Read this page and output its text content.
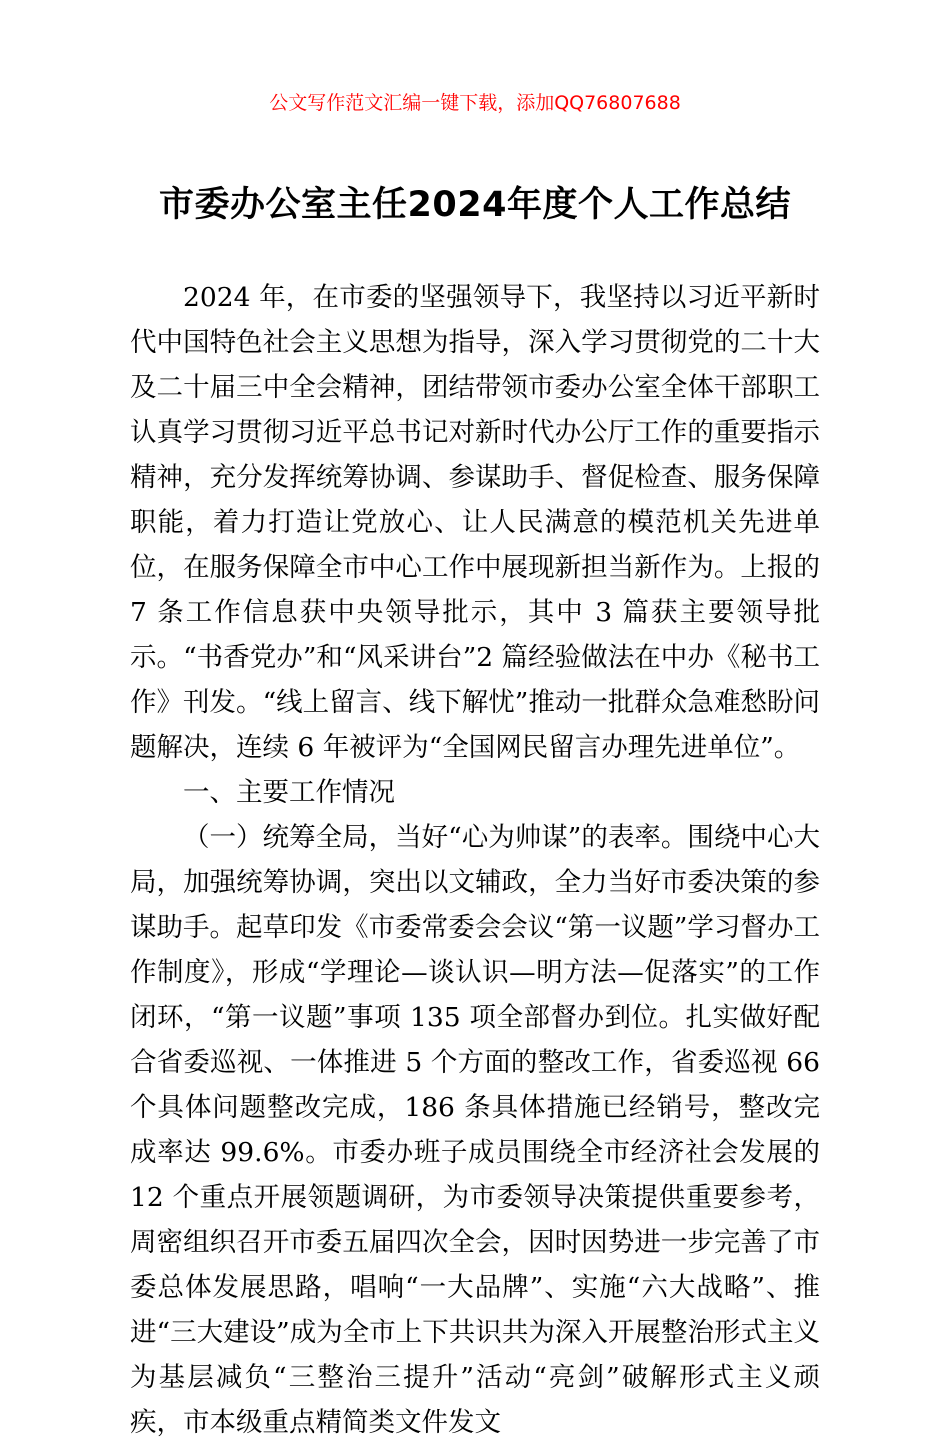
公文写作范文汇编一键下载，添加QQ76807688
市委办公室主任2024年度个人工作总结

2024 年，在市委的坚强领导下，我坚持以习近平新时代中国特色社会主义思想为指导，深入学习贯彻党的二十大及二十届三中全会精神，团结带领市委办公室全体干部职工认真学习贯彻习近平总书记对新时代办公厅工作的重要指示精神，充分发挥统筹协调、参谋助手、督促检查、服务保障职能，着力打造让党放心、让人民满意的模范机关先进单位，在服务保障全市中心工作中展现新担当新作为。上报的 7 条工作信息获中央领导批示，其中 3 篇获主要领导批示。“书香党办”和“风采讲台”2 篇经验做法在中办《秘书工作》刊发。“线上留言、线下解忧”推动一批群众急难愁盼问题解决，连续 6 年被评为“全国网民留言办理先进单位”。

一、主要工作情况

（一）统筹全局，当好“心为帅谋”的表率。围绕中心大局，加强统筹协调，突出以文辅政，全力当好市委决策的参谋助手。起草印发《市委常委会会议“第一议题”学习督办工作制度》，形成“学理论—谈认识—明方法—促落实”的工作闭环，“第一议题”事项 135 项全部督办到位。扎实做好配合省委巡视、一体推进 5 个方面的整改工作，省委巡视 66 个具体问题整改完成，186 条具体措施已经销号，整改完成率达 99.6%。市委办班子成员围绕全市经济社会发展的 12 个重点开展领题调研，为市委领导决策提供重要参考，周密组织召开市委五届四次全会，因时因势进一步完善了市委总体发展思路，唱响“一大品牌”、实施“六大战略”、推进“三大建设”成为全市上下共识共为深入开展整治形式主义为基层减负“三整治三提升”活动“亮剑”破解形式主义顽疾，市本级重点精简类文件发文
